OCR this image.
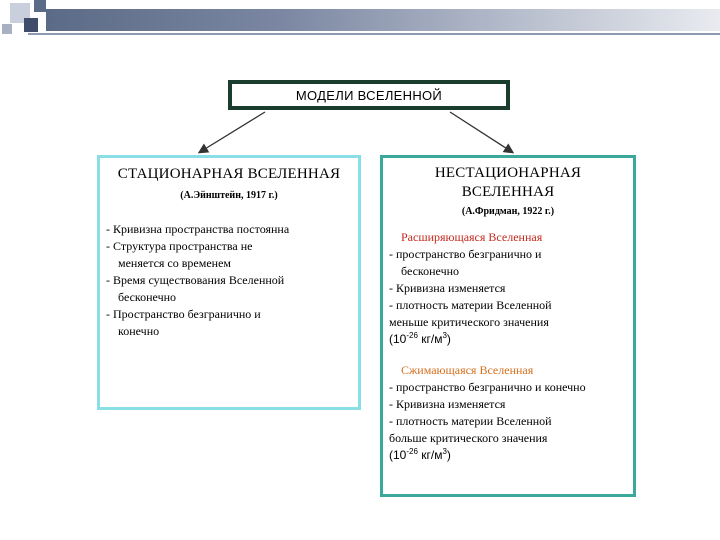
МОДЕЛИ ВСЕЛЕННОЙ
СТАЦИОНАРНАЯ ВСЕЛЕННАЯ
(А.Эйнштейн, 1917 г.)
- Кривизна пространства постоянна
- Структура пространства не
меняется со временем
- Время существования Вселенной
бесконечно
- Пространство безгранично и
конечно
НЕСТАЦИОНАРНАЯ
ВСЕЛЕННАЯ
(А.Фридман, 1922 г.)
Расширяющаяся Вселенная
- пространство безгранично и
бесконечно
- Кривизна изменяется
- плотность материи Вселенной
меньше критического значения
($10^{-26}$ $кг/м^3$)
Сжимающаяся Вселенная
- пространство безгранично и конечно
- Кривизна изменяется
- плотность материи Вселенной
больше критического значения
($10^{-26}$ $кг/м^3$)
